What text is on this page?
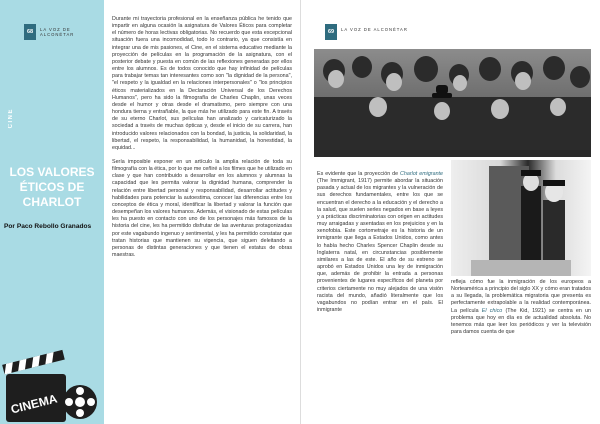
68	LA VOZ DE ALCONÉTAR
CINE
LOS VALORES ÉTICOS DE CHARLOT
Por Paco Rebollo Granados
CINEMA

Durante mi trayectoria profesional en la enseñanza pública he tenido que impartir en alguna ocasión la asignatura de Valores Éticos para completar el número de horas lectivas obligatorias. No recuerdo que esta excepcional situación fuera una incomodidad, todo lo contrario, ya que consistía en integrar una de mis pasiones, el Cine, en el sistema educativo mediante la proyección de películas en la programación de la asignatura, con el posterior debate y puesta en común de las reflexiones generadas por ellos entre los alumnos. Es de todos conocido que hay infinidad de películas para trabajar temas tan interesantes como son "la dignidad de la persona", "el respeto y la igualdad en la relaciones interpersonales" o "los principios éticos materializados en la Declaración Universal de los Derechos Humanos", pero ha sido la filmografía de Charles Chaplin, unas veces desde el humor y otras desde el dramatismo, pero siempre con una hondura tierna y entrañable, la que más he utilizado para este fin. A través de su eterno Charlot, sus películas han analizado y caricaturizado la sociedad a través de muchas ópticas y, desde el inicio de su carrera, han introducido valores relacionados con la bondad, la justicia, la solidaridad, la libertad, el respeto, la responsabilidad, la humanidad, la honestidad, la equidad...

Sería imposible exponer en un artículo la amplia relación de toda su filmografía con la ética, por lo que me ceñiré a los filmes que he utilizado en clase y que han contribuido a desarrollar en los alumnos y alumnas la capacidad que les permita valorar la dignidad humana, comprender la relación entre libertad personal y responsabilidad, desarrollar actitudes y habilidades para potenciar la autoestima, conocer las diferencias entre los conceptos de ética y moral, identificar la libertad y valorar la función que desempeñan los valores humanos. Además, el visionado de estas películas les ha puesto en contacto con uno de los personajes más famosos de la historia del cine, les ha permitido disfrutar de las aventuras protagonizadas por este vagabundo ingenuo y sentimental, y les ha permitido constatar que tratan historias que mantienen su vigencia, que siguen deleitando a personas de distintas generaciones y que tienen el estatus de obras maestras.

69	LA VOZ DE ALCONÉTAR

Es evidente que la proyección de Charlot emigrante (The Immigrant, 1917) permite abordar la situación pasada y actual de los migrantes y la vulneración de sus derechos fundamentales, entre los que se encuentran el derecho a la educación y el derecho a la salud, que suelen serles negados en base a leyes y a prácticas discriminatorias con origen en actitudes muy arraigadas y asentadas en los prejuicios y en la xenofobia. Este cortometraje es la historia de un inmigrante que llega a Estados Unidos, como antes lo había hecho Charles Spencer Chaplin desde su Inglaterra natal, en circunstancias posiblemente similares a las de este. El año de su estreno se aprobó en Estados Unidos una ley de inmigración que, además de prohibir la entrada a personas provenientes de lugares específicos del planeta por criterios ciertamente no muy alejados de una visión racista del mundo, añadió literalmente que los vagabundos no podían entrar en el país. El inmigrante

refleja cómo fue la inmigración de los europeos a Norteamérica a principio del siglo XX y cómo eran tratados a su llegada, la problemática migratoria que presenta es perfectamente extrapolable a la realidad contemporánea. La película El chico (The Kid, 1921) se centra en un problema que hoy en día es de actualidad absoluta. No tenemos más que leer los periódicos y ver la televisión para damos cuenta de que
